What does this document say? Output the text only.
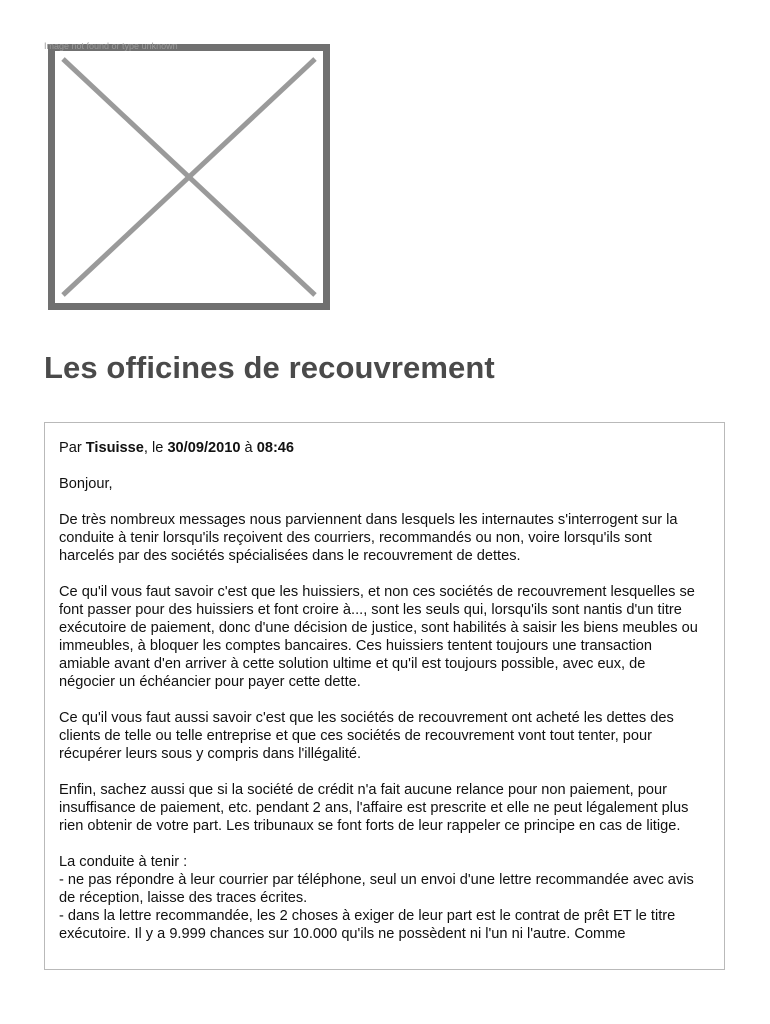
Image not found or type unknown
Les officines de recouvrement
Par Tisuisse, le 30/09/2010 à 08:46

Bonjour,

De très nombreux messages nous parviennent dans lesquels les internautes s'interrogent sur la conduite à tenir lorsqu'ils reçoivent des courriers, recommandés ou non, voire lorsqu'ils sont harcelés par des sociétés spécialisées dans le recouvrement de dettes.

Ce qu'il vous faut savoir c'est que les huissiers, et non ces sociétés de recouvrement lesquelles se font passer pour des huissiers et font croire à..., sont les seuls qui, lorsqu'ils sont nantis d'un titre exécutoire de paiement, donc d'une décision de justice, sont habilités à saisir les biens meubles ou immeubles, à bloquer les comptes bancaires. Ces huissiers tentent toujours une transaction amiable avant d'en arriver à cette solution ultime et qu'il est toujours possible, avec eux, de négocier un échéancier pour payer cette dette.

Ce qu'il vous faut aussi savoir c'est que les sociétés de recouvrement ont acheté les dettes des clients de telle ou telle entreprise et que ces sociétés de recouvrement vont tout tenter, pour récupérer leurs sous y compris dans l'illégalité.

Enfin, sachez aussi que si la société de crédit n'a fait aucune relance pour non paiement, pour insuffisance de paiement, etc. pendant 2 ans, l'affaire est prescrite et elle ne peut légalement plus rien obtenir de votre part. Les tribunaux se font forts de leur rappeler ce principe en cas de litige.

La conduite à tenir :
- ne pas répondre à leur courrier par téléphone, seul un envoi d'une lettre recommandée avec avis de réception, laisse des traces écrites.
- dans la lettre recommandée, les 2 choses à exiger de leur part est le contrat de prêt ET le titre exécutoire. Il y a 9.999 chances sur 10.000 qu'ils ne possèdent ni l'un ni l'autre. Comme
